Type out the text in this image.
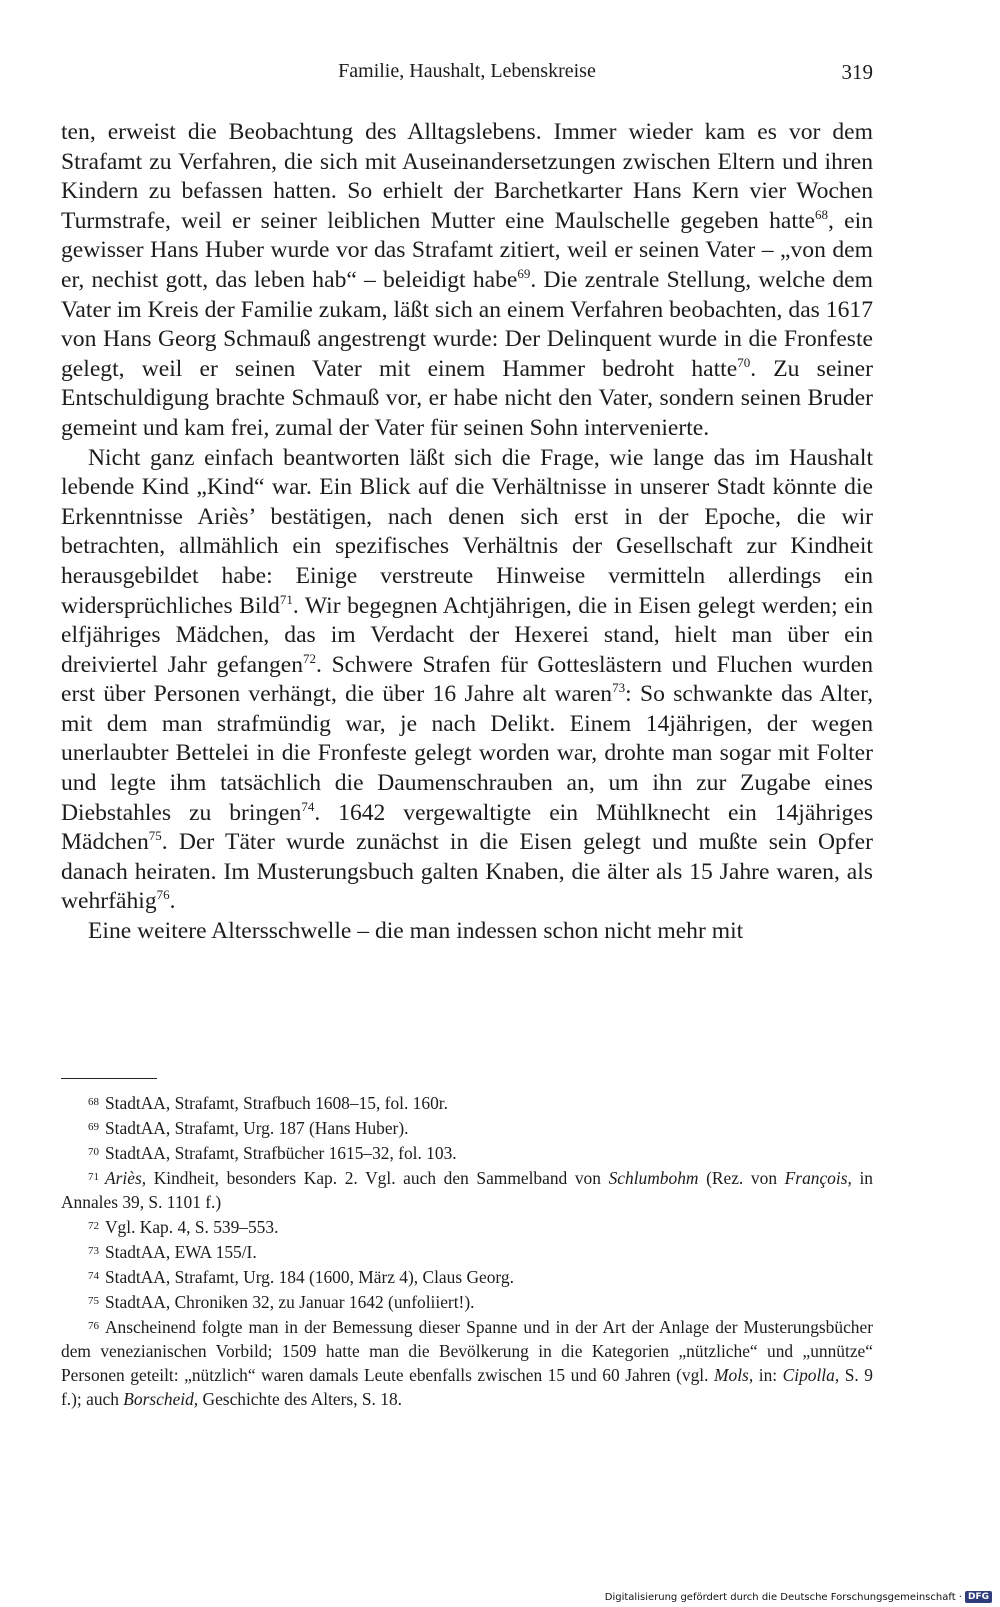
Familie, Haushalt, Lebenskreise	319

ten, erweist die Beobachtung des Alltagslebens. Immer wieder kam es vor dem Strafamt zu Verfahren, die sich mit Auseinandersetzungen zwischen Eltern und ihren Kindern zu befassen hatten. So erhielt der Barchetkarter Hans Kern vier Wochen Turmstrafe, weil er seiner leiblichen Mutter eine Maulschelle gegeben hatte$^{68}$, ein gewisser Hans Huber wurde vor das Strafamt zitiert, weil er seinen Vater – „von dem er, nechist gott, das leben hab“ – beleidigt habe$^{69}$. Die zentrale Stellung, welche dem Vater im Kreis der Familie zukam, läßt sich an einem Verfahren beobachten, das 1617 von Hans Georg Schmauß angestrengt wurde: Der Delinquent wurde in die Fronfeste gelegt, weil er seinen Vater mit einem Hammer bedroht hatte$^{70}$. Zu seiner Entschuldigung brachte Schmauß vor, er habe nicht den Vater, sondern seinen Bruder gemeint und kam frei, zumal der Vater für seinen Sohn intervenierte.

Nicht ganz einfach beantworten läßt sich die Frage, wie lange das im Haushalt lebende Kind „Kind“ war. Ein Blick auf die Verhältnisse in unserer Stadt könnte die Erkenntnisse Ariès’ bestätigen, nach denen sich erst in der Epoche, die wir betrachten, allmählich ein spezifisches Verhältnis der Gesellschaft zur Kindheit herausgebildet habe: Einige verstreute Hinweise vermitteln allerdings ein widersprüchliches Bild$^{71}$. Wir begegnen Achtjährigen, die in Eisen gelegt werden; ein elfjähriges Mädchen, das im Verdacht der Hexerei stand, hielt man über ein dreiviertel Jahr gefangen$^{72}$. Schwere Strafen für Gotteslästern und Fluchen wurden erst über Personen verhängt, die über 16 Jahre alt waren$^{73}$: So schwankte das Alter, mit dem man strafmündig war, je nach Delikt. Einem 14jährigen, der wegen unerlaubter Bettelei in die Fronfeste gelegt worden war, drohte man sogar mit Folter und legte ihm tatsächlich die Daumenschrauben an, um ihn zur Zugabe eines Diebstahles zu bringen$^{74}$. 1642 vergewaltigte ein Mühlknecht ein 14jähriges Mädchen$^{75}$. Der Täter wurde zunächst in die Eisen gelegt und mußte sein Opfer danach heiraten. Im Musterungsbuch galten Knaben, die älter als 15 Jahre waren, als wehrfähig$^{76}$.

Eine weitere Altersschwelle – die man indessen schon nicht mehr mit

$^{68}$ StadtAA, Strafamt, Strafbuch 1608–15, fol. 160r.

$^{69}$ StadtAA, Strafamt, Urg. 187 (Hans Huber).

$^{70}$ StadtAA, Strafamt, Strafbücher 1615–32, fol. 103.

$^{71}$ Ariès, Kindheit, besonders Kap. 2. Vgl. auch den Sammelband von Schlumbohm (Rez. von François, in Annales 39, S. 1101 f.)

$^{72}$ Vgl. Kap. 4, S. 539–553.

$^{73}$ StadtAA, EWA 155/I.

$^{74}$ StadtAA, Strafamt, Urg. 184 (1600, März 4), Claus Georg.

$^{75}$ StadtAA, Chroniken 32, zu Januar 1642 (unfoliiert!).

$^{76}$ Anscheinend folgte man in der Bemessung dieser Spanne und in der Art der Anlage der Musterungsbücher dem venezianischen Vorbild; 1509 hatte man die Bevölkerung in die Kategorien „nützliche“ und „unnütze“ Personen geteilt: „nützlich“ waren damals Leute ebenfalls zwischen 15 und 60 Jahren (vgl. Mols, in: Cipolla, S. 9 f.); auch Borscheid, Geschichte des Alters, S. 18.

Digitalisierung gefördert durch die Deutsche Forschungsgemeinschaft · DFG
